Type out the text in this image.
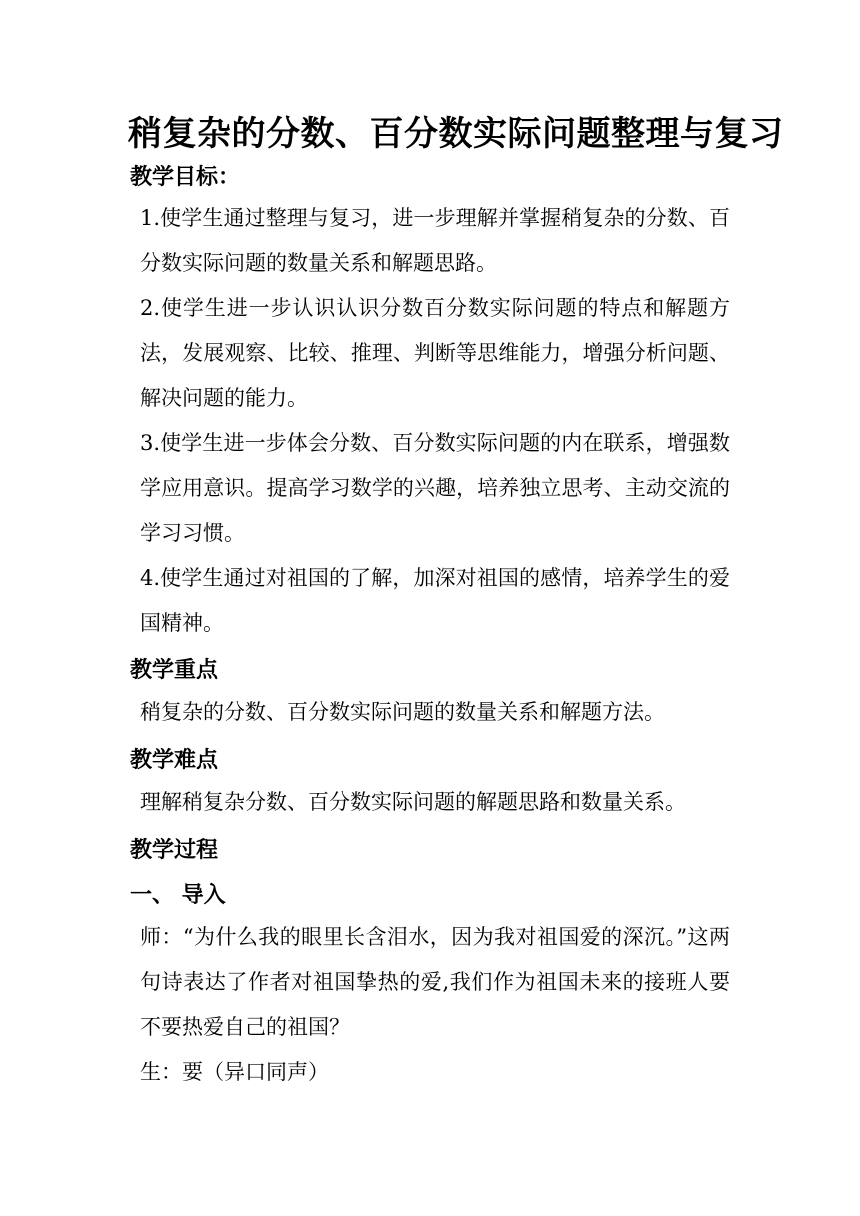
稍复杂的分数、百分数实际问题整理与复习
教学目标：
1.使学生通过整理与复习，进一步理解并掌握稍复杂的分数、百分数实际问题的数量关系和解题思路。
2.使学生进一步认识认识分数百分数实际问题的特点和解题方法，发展观察、比较、推理、判断等思维能力，增强分析问题、解决问题的能力。
3.使学生进一步体会分数、百分数实际问题的内在联系，增强数学应用意识。提高学习数学的兴趣，培养独立思考、主动交流的学习习惯。
4.使学生通过对祖国的了解，加深对祖国的感情，培养学生的爱国精神。
教学重点
稍复杂的分数、百分数实际问题的数量关系和解题方法。
教学难点
理解稍复杂分数、百分数实际问题的解题思路和数量关系。
教学过程
一、 导入
师：“为什么我的眼里长含泪水，因为我对祖国爱的深沉。”这两句诗表达了作者对祖国挚热的爱,我们作为祖国未来的接班人要不要热爱自己的祖国？
生：要（异口同声）
